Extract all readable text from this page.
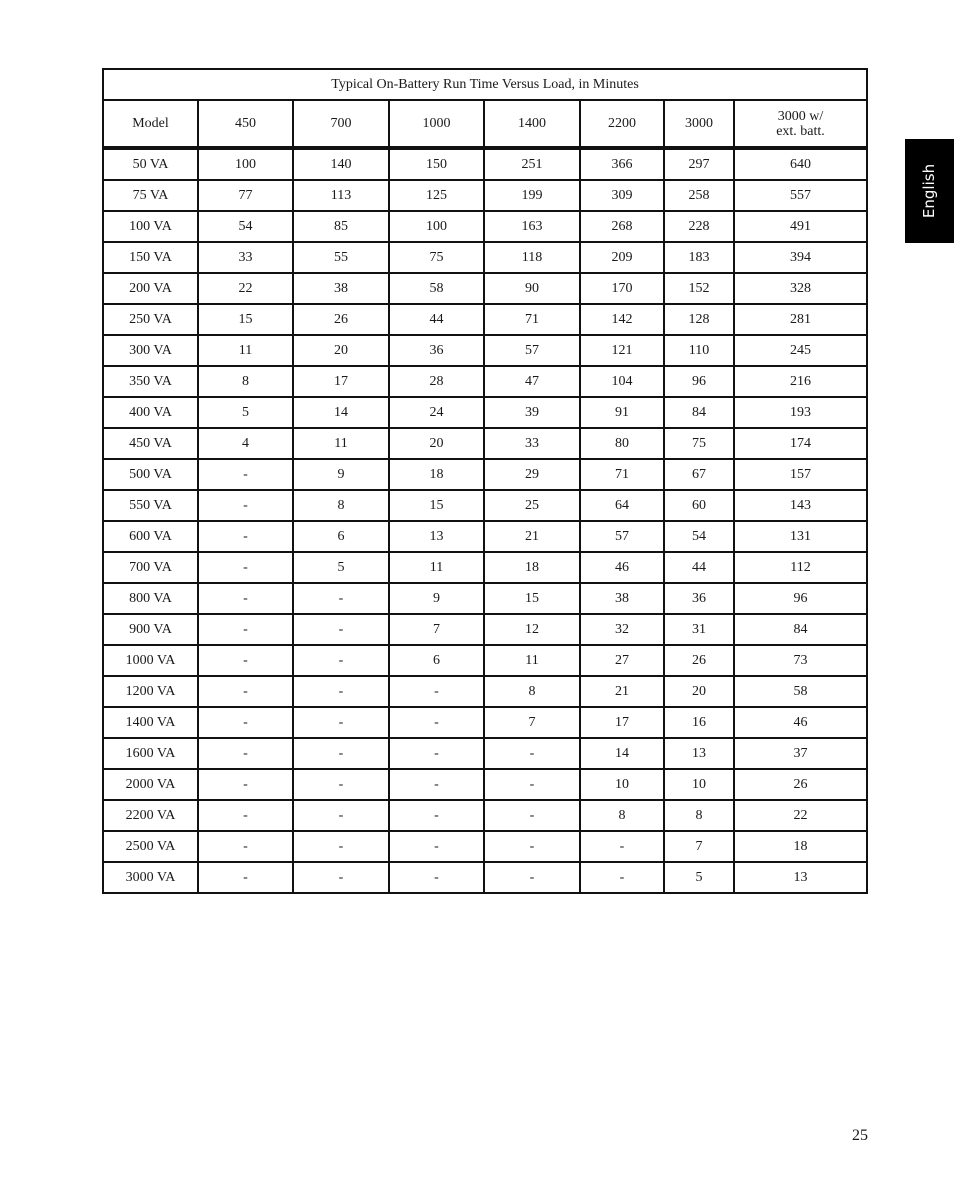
Typical On-Battery Run Time Versus Load, in Minutes							
Model	450	700	1000	1400	2200	3000	3000 w/
ext. batt.
50 VA	100	140	150	251	366	297	640
75 VA	77	113	125	199	309	258	557
100 VA	54	85	100	163	268	228	491
150 VA	33	55	75	118	209	183	394
200 VA	22	38	58	90	170	152	328
250 VA	15	26	44	71	142	128	281
300 VA	11	20	36	57	121	110	245
350 VA	8	17	28	47	104	96	216
400 VA	5	14	24	39	91	84	193
450 VA	4	11	20	33	80	75	174
500 VA	-	9	18	29	71	67	157
550 VA	-	8	15	25	64	60	143
600 VA	-	6	13	21	57	54	131
700 VA	-	5	11	18	46	44	112
800 VA	-	-	9	15	38	36	96
900 VA	-	-	7	12	32	31	84
1000 VA	-	-	6	11	27	26	73
1200 VA	-	-	-	8	21	20	58
1400 VA	-	-	-	7	17	16	46
1600 VA	-	-	-	-	14	13	37
2000 VA	-	-	-	-	10	10	26
2200 VA	-	-	-	-	8	8	22
2500 VA	-	-	-	-	-	7	18
3000 VA	-	-	-	-	-	5	13
English
25
